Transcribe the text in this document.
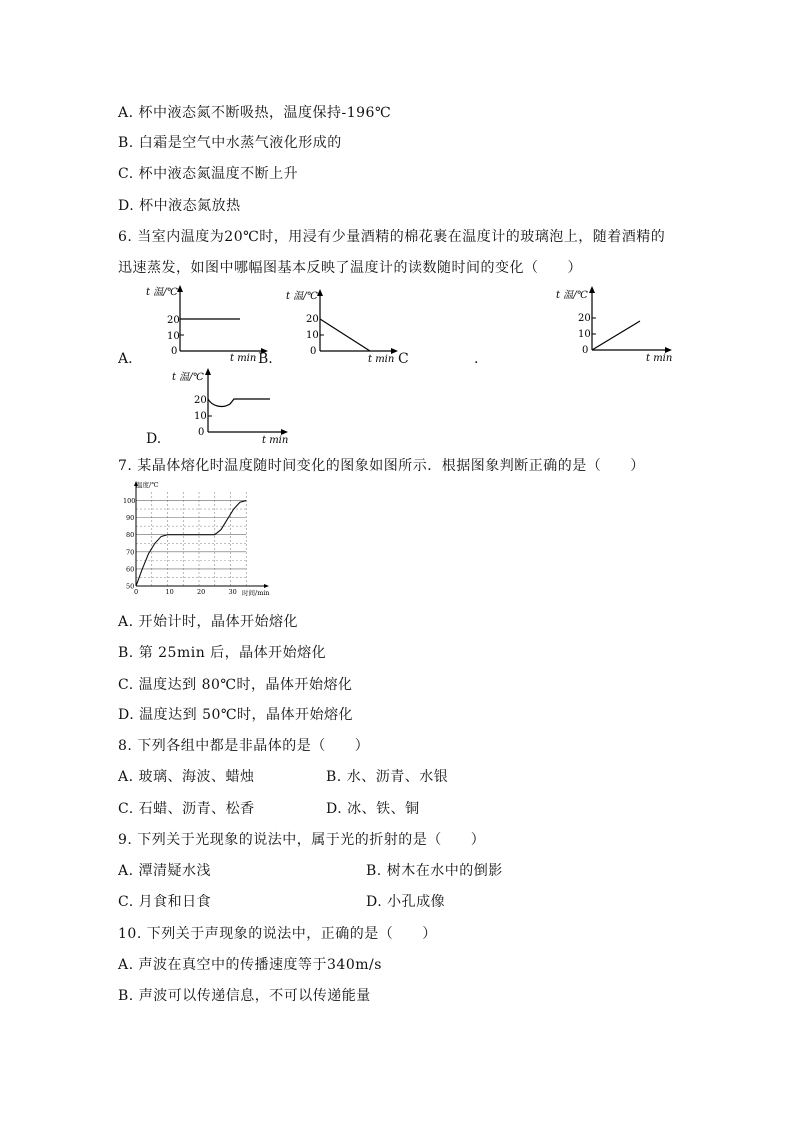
A. 杯中液态氮不断吸热，温度保持-196℃
B. 白霜是空气中水蒸气液化形成的
C. 杯中液态氮温度不断上升
D. 杯中液态氮放热
6. 当室内温度为20℃时，用浸有少量酒精的棉花裹在温度计的玻璃泡上，随着酒精的
迅速蒸发，如图中哪幅图基本反映了温度计的读数随时间的变化（　　）
t 温/℃
20
10
0
t min
A.	B.
t 温/℃
20
10
0
t min C	.
t 温/℃
20
10
0
t min
t 温/℃
20
10
0
t min
D.
7. 某晶体熔化时温度随时间变化的图象如图所示．根据图象判断正确的是（　　）
0	10	20	30
50
60
70
80
90
100
温度/℃
时间/min
A. 开始计时，晶体开始熔化
B. 第 25min 后，晶体开始熔化
C. 温度达到 80℃时，晶体开始熔化
D. 温度达到 50℃时，晶体开始熔化
8. 下列各组中都是非晶体的是（　　）
A. 玻璃、海波、蜡烛	B. 水、沥青、水银
C. 石蜡、沥青、松香	D. 冰、铁、铜
9. 下列关于光现象的说法中，属于光的折射的是（　　）
A. 潭清疑水浅	B. 树木在水中的倒影
C. 月食和日食	D. 小孔成像
10. 下列关于声现象的说法中，正确的是（　　）
A. 声波在真空中的传播速度等于340m/s
B. 声波可以传递信息，不可以传递能量
